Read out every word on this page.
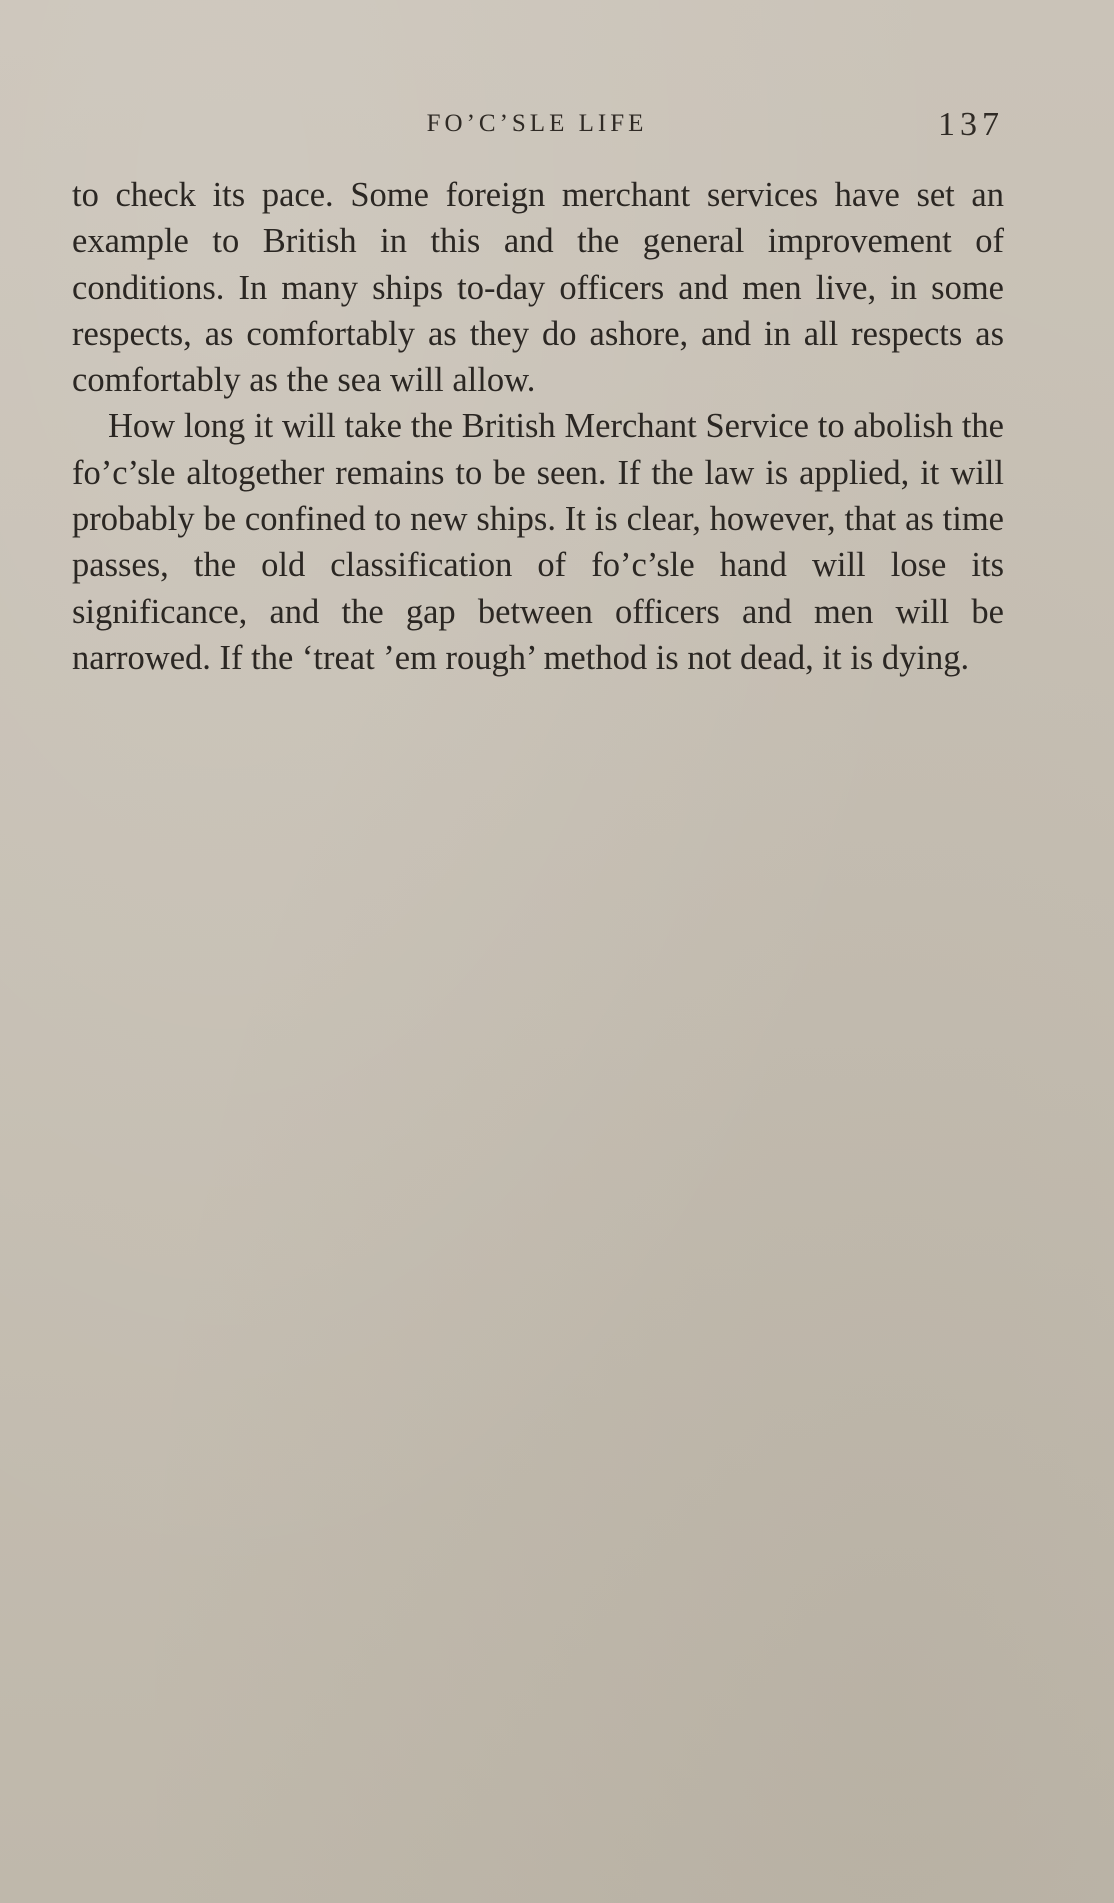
FO’C’SLE LIFE	137

to check its pace. Some foreign merchant services have set an example to British in this and the general improvement of conditions. In many ships to-day officers and men live, in some respects, as comfortably as they do ashore, and in all respects as comfortably as the sea will allow.

How long it will take the British Merchant Service to abolish the fo’c’sle altogether remains to be seen. If the law is applied, it will probably be confined to new ships. It is clear, however, that as time passes, the old classification of fo’c’sle hand will lose its significance, and the gap between officers and men will be narrowed. If the ‘treat ’em rough’ method is not dead, it is dying.
